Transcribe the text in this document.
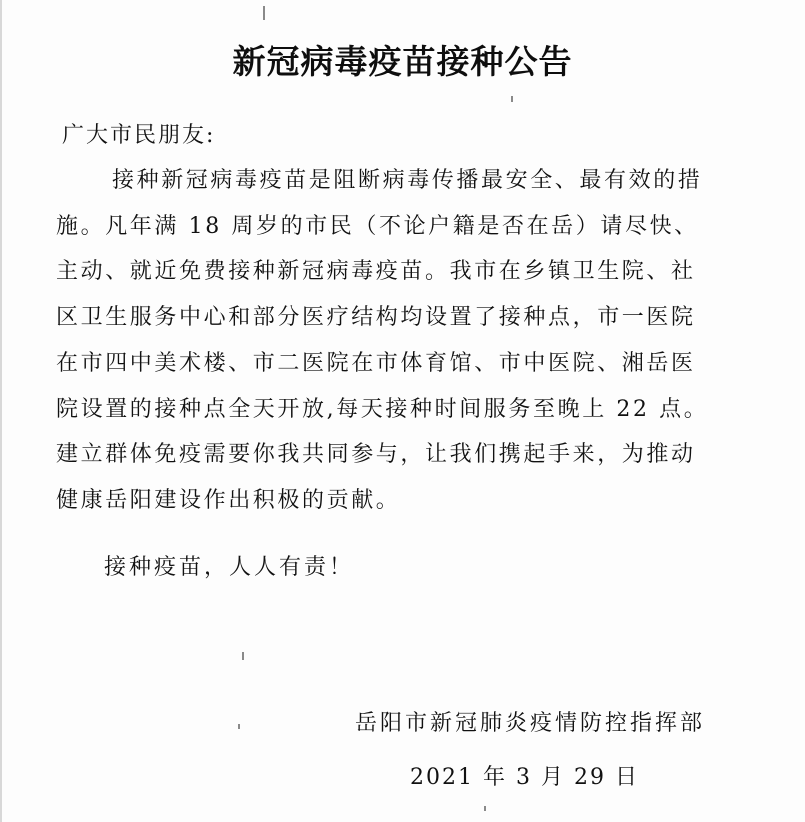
新冠病毒疫苗接种公告
广大市民朋友:
接种新冠病毒疫苗是阻断病毒传播最安全、最有效的措
施。凡年满 18 周岁的市民（不论户籍是否在岳）请尽快、
主动、就近免费接种新冠病毒疫苗。我市在乡镇卫生院、社
区卫生服务中心和部分医疗结构均设置了接种点，市一医院
在市四中美术楼、市二医院在市体育馆、市中医院、湘岳医
院设置的接种点全天开放,每天接种时间服务至晚上 22 点。
建立群体免疫需要你我共同参与，让我们携起手来，为推动
健康岳阳建设作出积极的贡献。
接种疫苗，人人有责！
岳阳市新冠肺炎疫情防控指挥部
2021 年 3 月 29 日
